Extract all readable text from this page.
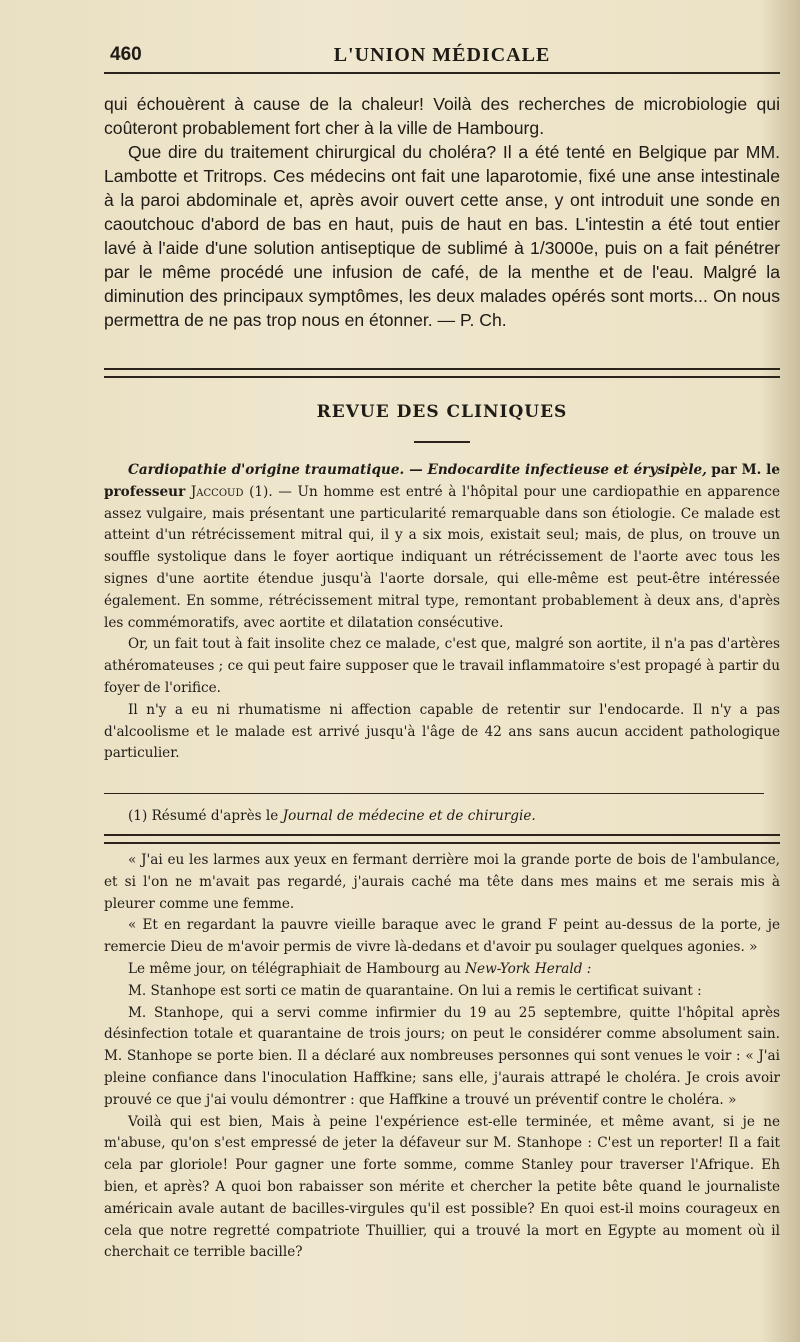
460	L'UNION MÉDICALE

qui échouèrent à cause de la chaleur! Voilà des recherches de microbiologie qui coûteront probablement fort cher à la ville de Hambourg.

Que dire du traitement chirurgical du choléra? Il a été tenté en Belgique par MM. Lambotte et Tritrops. Ces médecins ont fait une laparotomie, fixé une anse intestinale à la paroi abdominale et, après avoir ouvert cette anse, y ont introduit une sonde en caoutchouc d'abord de bas en haut, puis de haut en bas. L'intestin a été tout entier lavé à l'aide d'une solution antiseptique de sublimé à 1/3000e, puis on a fait pénétrer par le même procédé une infusion de café, de la menthe et de l'eau. Malgré la diminution des principaux symptômes, les deux malades opérés sont morts... On nous permettra de ne pas trop nous en étonner. — P. Ch.

REVUE DES CLINIQUES

Cardiopathie d'origine traumatique. — Endocardite infectieuse et érysipèle, par M. le professeur Jaccoud (1). — Un homme est entré à l'hôpital pour une cardiopathie en apparence assez vulgaire, mais présentant une particularité remarquable dans son étiologie. Ce malade est atteint d'un rétrécissement mitral qui, il y a six mois, existait seul; mais, de plus, on trouve un souffle systolique dans le foyer aortique indiquant un rétrécissement de l'aorte avec tous les signes d'une aortite étendue jusqu'à l'aorte dorsale, qui elle-même est peut-être intéressée également. En somme, rétrécissement mitral type, remontant probablement à deux ans, d'après les commémoratifs, avec aortite et dilatation consécutive.

Or, un fait tout à fait insolite chez ce malade, c'est que, malgré son aortite, il n'a pas d'artères athéromateuses ; ce qui peut faire supposer que le travail inflammatoire s'est propagé à partir du foyer de l'orifice.

Il n'y a eu ni rhumatisme ni affection capable de retentir sur l'endocarde. Il n'y a pas d'alcoolisme et le malade est arrivé jusqu'à l'âge de 42 ans sans aucun accident pathologique particulier.

(1) Résumé d'après le Journal de médecine et de chirurgie.

« J'ai eu les larmes aux yeux en fermant derrière moi la grande porte de bois de l'ambulance, et si l'on ne m'avait pas regardé, j'aurais caché ma tête dans mes mains et me serais mis à pleurer comme une femme.

« Et en regardant la pauvre vieille baraque avec le grand F peint au-dessus de la porte, je remercie Dieu de m'avoir permis de vivre là-dedans et d'avoir pu soulager quelques agonies. »

Le même jour, on télégraphiait de Hambourg au New-York Herald :

M. Stanhope est sorti ce matin de quarantaine. On lui a remis le certificat suivant :

M. Stanhope, qui a servi comme infirmier du 19 au 25 septembre, quitte l'hôpital après désinfection totale et quarantaine de trois jours; on peut le considérer comme absolument sain. M. Stanhope se porte bien. Il a déclaré aux nombreuses personnes qui sont venues le voir : « J'ai pleine confiance dans l'inoculation Haffkine; sans elle, j'aurais attrapé le choléra. Je crois avoir prouvé ce que j'ai voulu démontrer : que Haffkine a trouvé un préventif contre le choléra. »

Voilà qui est bien, Mais à peine l'expérience est-elle terminée, et même avant, si je ne m'abuse, qu'on s'est empressé de jeter la défaveur sur M. Stanhope : C'est un reporter! Il a fait cela par gloriole! Pour gagner une forte somme, comme Stanley pour traverser l'Afrique. Eh bien, et après? A quoi bon rabaisser son mérite et chercher la petite bête quand le journaliste américain avale autant de bacilles-virgules qu'il est possible? En quoi est-il moins courageux en cela que notre regretté compatriote Thuillier, qui a trouvé la mort en Egypte au moment où il cherchait ce terrible bacille?
